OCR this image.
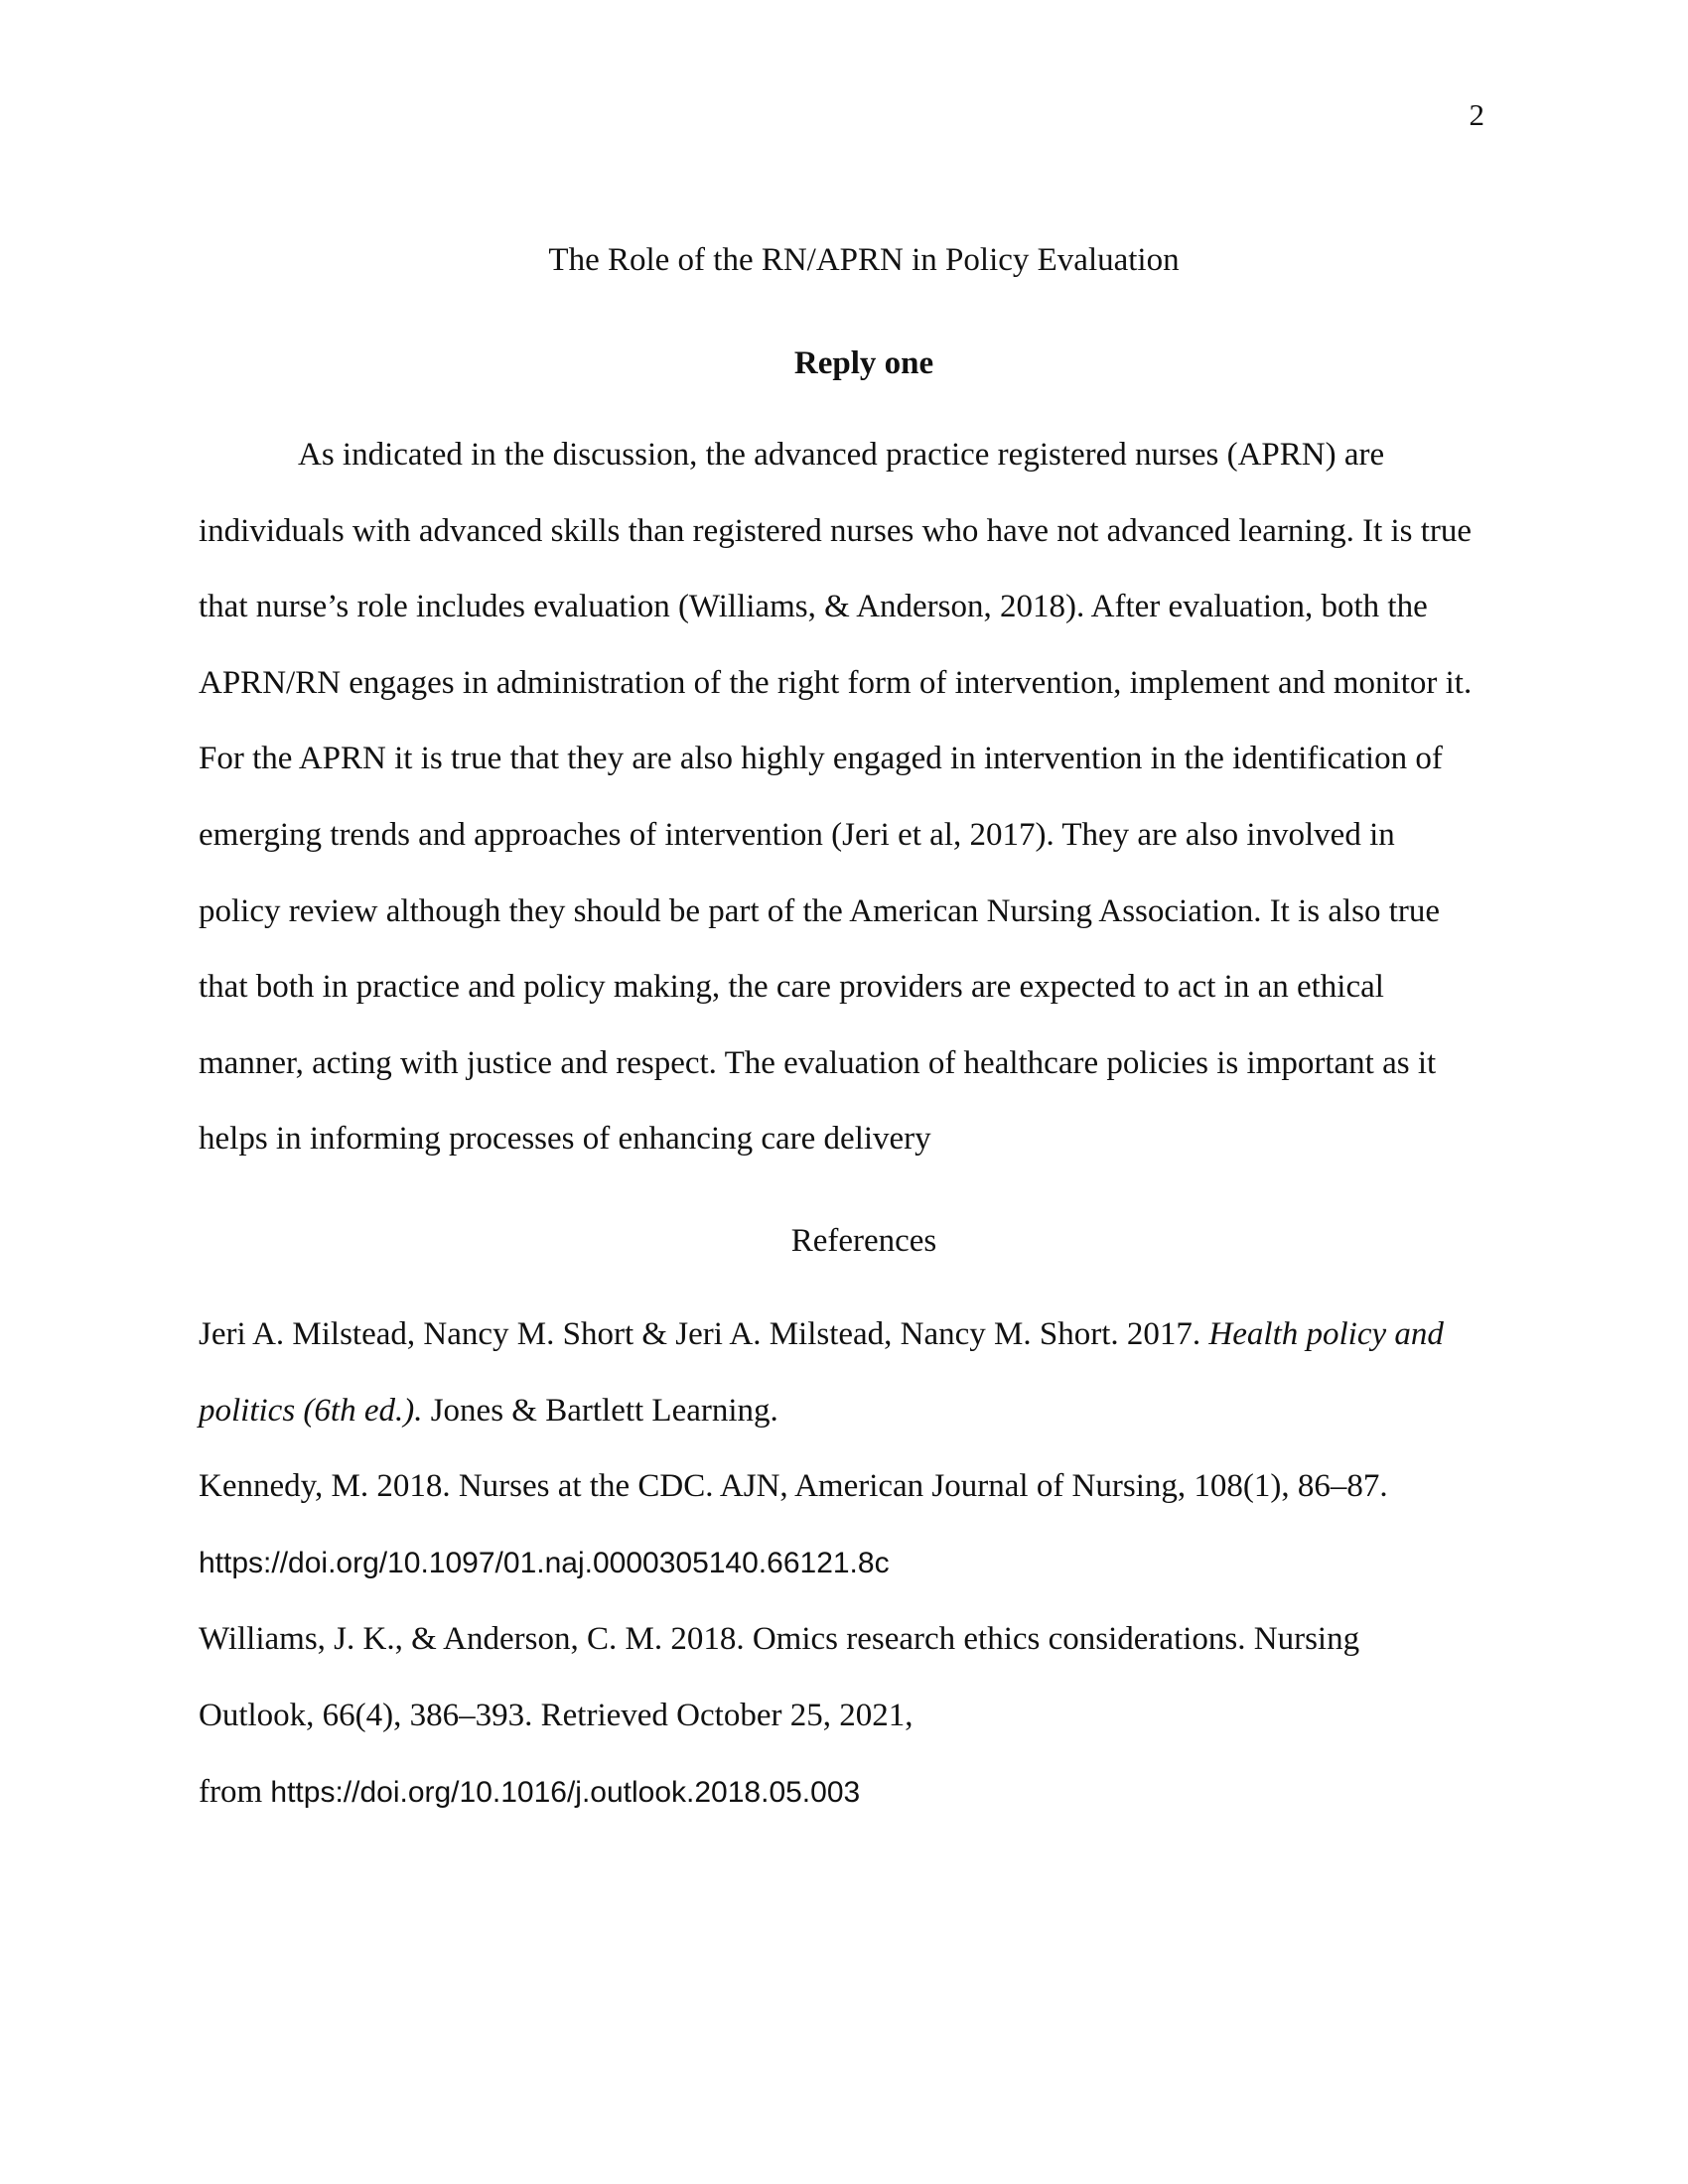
2
The Role of the RN/APRN in Policy Evaluation
Reply one
As indicated in the discussion, the advanced practice registered nurses (APRN) are
individuals with advanced skills than registered nurses who have not advanced learning. It is true
that nurse’s role includes evaluation (Williams, & Anderson, 2018). After evaluation, both the
APRN/RN engages in administration of the right form of intervention, implement and monitor it.
For the APRN it is true that they are also highly engaged in intervention in the identification of
emerging trends and approaches of intervention (Jeri et al, 2017). They are also involved in
policy review although they should be part of the American Nursing Association. It is also true
that both in practice and policy making, the care providers are expected to act in an ethical
manner, acting with justice and respect. The evaluation of healthcare policies is important as it
helps in informing processes of enhancing care delivery
References
Jeri A. Milstead, Nancy M. Short & Jeri A. Milstead, Nancy M. Short. 2017. Health policy and
politics (6th ed.). Jones & Bartlett Learning.
Kennedy, M. 2018. Nurses at the CDC. AJN, American Journal of Nursing, 108(1), 86–87.
https://doi.org/10.1097/01.naj.0000305140.66121.8c
Williams, J. K., & Anderson, C. M. 2018. Omics research ethics considerations. Nursing
Outlook, 66(4), 386–393. Retrieved October 25, 2021,
from https://doi.org/10.1016/j.outlook.2018.05.003
